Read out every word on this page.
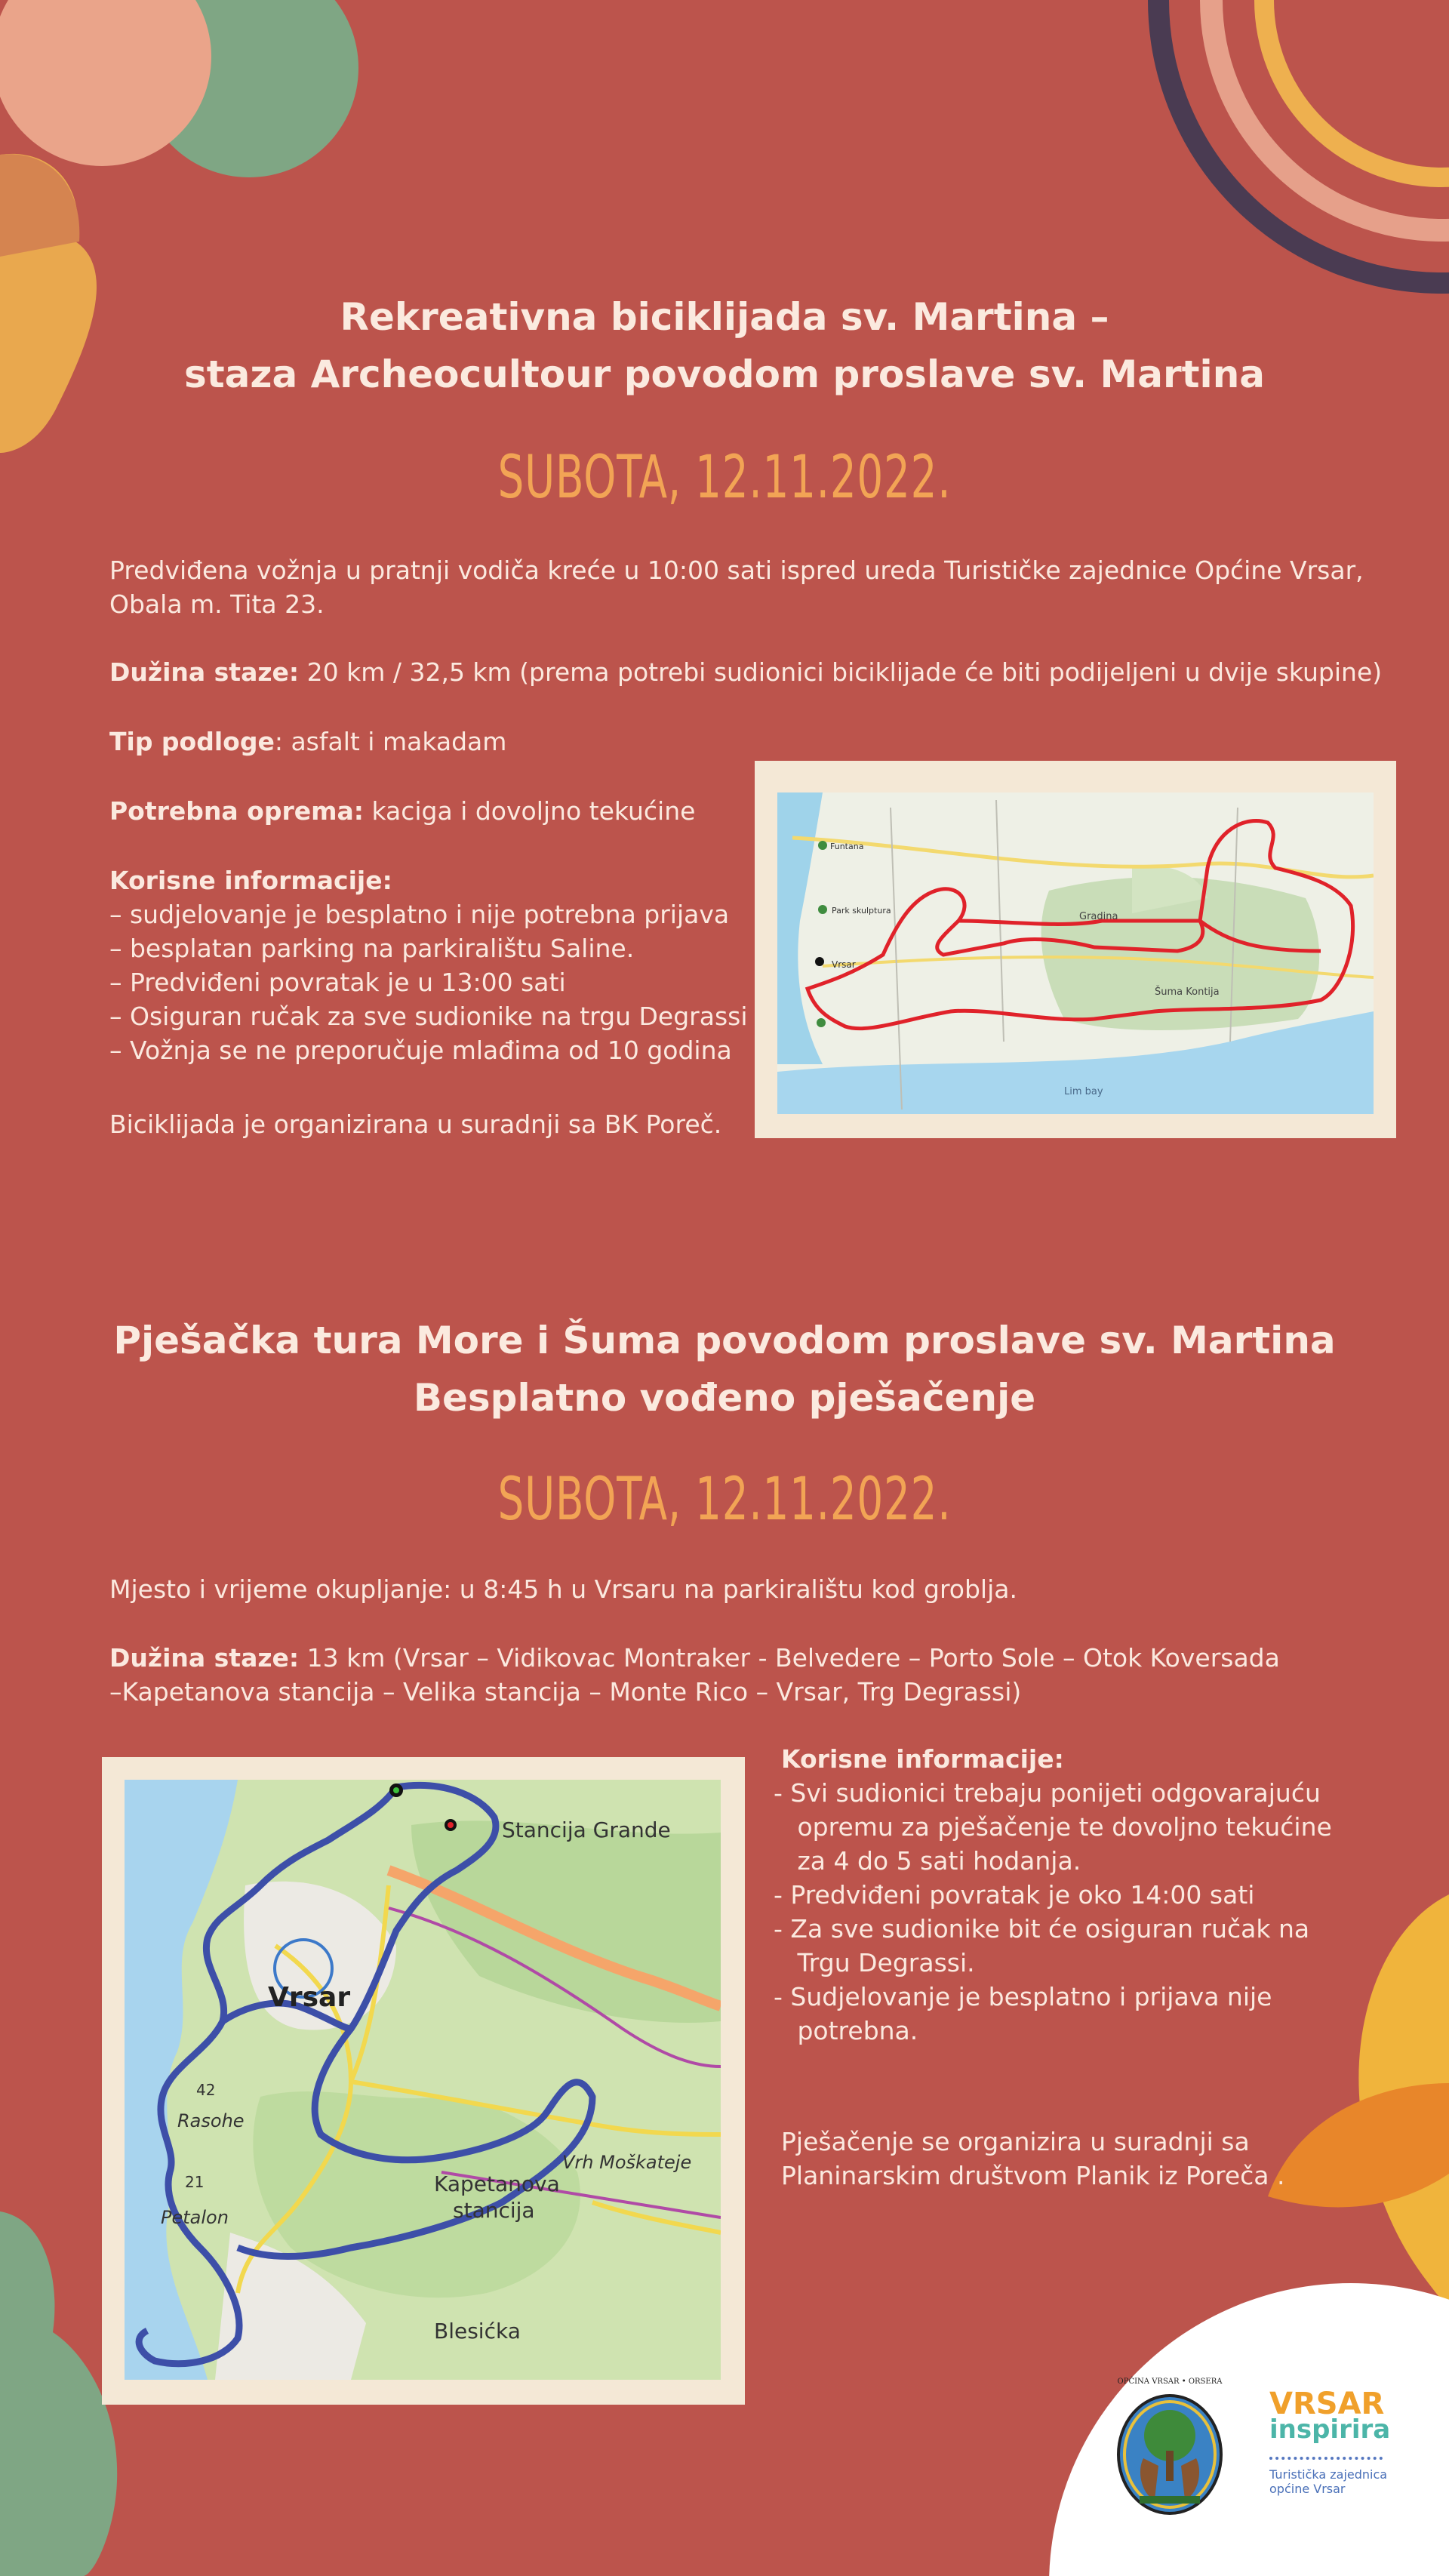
Rekreativna biciklijada sv. Martina –
staza Archeocultour povodom proslave sv. Martina
SUBOTA, 12.11.2022.
Predviđena vožnja u pratnji vodiča kreće u 10:00 sati ispred ureda Turističke zajednice Općine Vrsar,
Obala m. Tita 23.
Dužina staze: 20 km / 32,5 km (prema potrebi sudionici biciklijade će biti podijeljeni u dvije skupine)
Tip podloge: asfalt i makadam
Potrebna oprema: kaciga i dovoljno tekućine
Korisne informacije:
– sudjelovanje je besplatno i nije potrebna prijava
– besplatan parking na parkiralištu Saline.
– Predviđeni povratak je u 13:00 sati
– Osiguran ručak za sve sudionike na trgu Degrassi
– Vožnja se ne preporučuje mlađima od 10 godina
Biciklijada je organizirana u suradnji sa BK Poreč.
Gradina
Šuma Kontija
Lim bay
Vrsar
Park skulptura
Funtana
Pješačka tura More i Šuma povodom proslave sv. Martina
Besplatno vođeno pješačenje
SUBOTA, 12.11.2022.
Mjesto i vrijeme okupljanje: u 8:45 h u Vrsaru na parkiralištu kod groblja.
Dužina staze: 13 km (Vrsar – Vidikovac Montraker - Belvedere – Porto Sole – Otok Koversada
–Kapetanova stancija – Velika stancija – Monte Rico – Vrsar, Trg Degrassi)
Stancija Grande
Vrsar
Rasohe
Petalon
Vrh Moškateje
Kapetanova
stancija
Blesićka
42
21
Korisne informacije:
- Svi sudionici trebaju ponijeti odgovarajuću
opremu za pješačenje te dovoljno tekućine
za 4 do 5 sati hodanja.
- Predviđeni povratak je oko 14:00 sati
- Za sve sudionike bit će osiguran ručak na
Trgu Degrassi.
- Sudjelovanje je besplatno i prijava nije
potrebna.
Pješačenje se organizira u suradnji sa
Planinarskim društvom Planik iz Poreča .
OPĆINA VRSAR • ORSERA
VRSAR
inspirira
Turistička zajednica
općine Vrsar
